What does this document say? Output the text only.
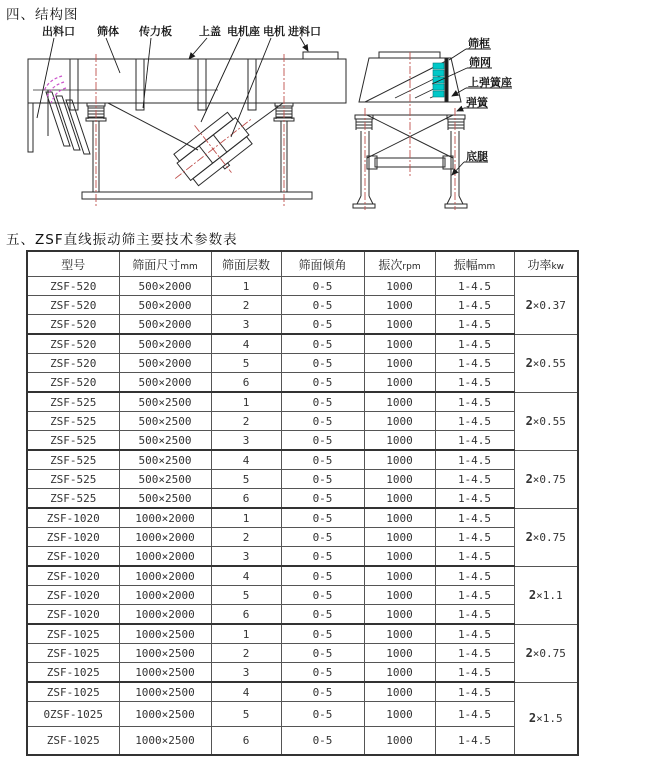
四、结构图
出料口 筛体 传力板 上盖 电机座 电机 进料口
筛框
筛网
上弹簧座
弹簧
底腿
五、ZSF直线振动筛主要技术参数表
型号	筛面尺寸mm	筛面层数	筛面倾角	振次rpm	振幅mm	功率kw
ZSF-520	500×2000	1	0-5	1000	1-4.5	2×0.37
ZSF-520	500×2000	2	0-5	1000	1-4.5	
ZSF-520	500×2000	3	0-5	1000	1-4.5	
ZSF-520	500×2000	4	0-5	1000	1-4.5	2×0.55
ZSF-520	500×2000	5	0-5	1000	1-4.5	
ZSF-520	500×2000	6	0-5	1000	1-4.5	
ZSF-525	500×2500	1	0-5	1000	1-4.5	2×0.55
ZSF-525	500×2500	2	0-5	1000	1-4.5	
ZSF-525	500×2500	3	0-5	1000	1-4.5	
ZSF-525	500×2500	4	0-5	1000	1-4.5	2×0.75
ZSF-525	500×2500	5	0-5	1000	1-4.5	
ZSF-525	500×2500	6	0-5	1000	1-4.5	
ZSF-1020	1000×2000	1	0-5	1000	1-4.5	2×0.75
ZSF-1020	1000×2000	2	0-5	1000	1-4.5	
ZSF-1020	1000×2000	3	0-5	1000	1-4.5	
ZSF-1020	1000×2000	4	0-5	1000	1-4.5	2×1.1
ZSF-1020	1000×2000	5	0-5	1000	1-4.5	
ZSF-1020	1000×2000	6	0-5	1000	1-4.5	
ZSF-1025	1000×2500	1	0-5	1000	1-4.5	2×0.75
ZSF-1025	1000×2500	2	0-5	1000	1-4.5	
ZSF-1025	1000×2500	3	0-5	1000	1-4.5	
ZSF-1025	1000×2500	4	0-5	1000	1-4.5	2×1.5
0ZSF-1025	1000×2500	5	0-5	1000	1-4.5	
ZSF-1025	1000×2500	6	0-5	1000	1-4.5	
